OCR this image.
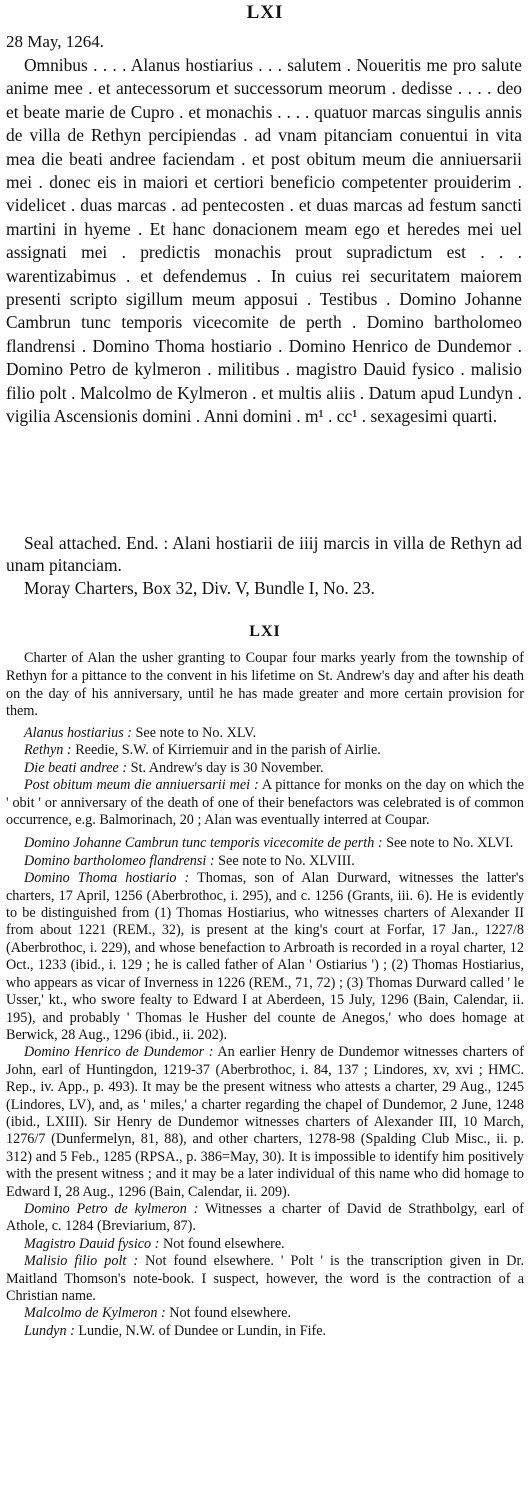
LXI
28 May, 1264.

Omnibus . . . . Alanus hostiarius . . . salutem . Noueritis me pro salute anime mee . et antecessorum et successorum meorum . dedisse . . . . deo et beate marie de Cupro . et monachis . . . . quatuor marcas singulis annis de villa de Rethyn percipiendas . ad vnam pitanciam conuentui in vita mea die beati andree faciendam . et post obitum meum die anniuersarii mei . donec eis in maiori et certiori beneficio competenter prouiderim . videlicet . duas marcas . ad pentecosten . et duas marcas ad festum sancti martini in hyeme . Et hanc donacionem meam ego et heredes mei uel assignati mei . predictis monachis prout supradictum est . . . warentizabimus . et defendemus . In cuius rei securitatem maiorem presenti scripto sigillum meum apposui . Testibus . Domino Johanne Cambrun tunc temporis vicecomite de perth . Domino bartholomeo flandrensi . Domino Thoma hostiario . Domino Henrico de Dundemor . Domino Petro de kylmeron . militibus . magistro Dauid fysico . malisio filio polt . Malcolmo de Kylmeron . et multis aliis . Datum apud Lundyn . vigilia Ascensionis domini . Anni domini . m¹ . cc¹ . sexagesimi quarti.

Seal attached. End. : Alani hostiarii de iiij marcis in villa de Rethyn ad unam pitanciam.

Moray Charters, Box 32, Div. V, Bundle I, No. 23.
LXI

Charter of Alan the usher granting to Coupar four marks yearly from the township of Rethyn for a pittance to the convent in his lifetime on St. Andrew's day and after his death on the day of his anniversary, until he has made greater and more certain provision for them.

Alanus hostiarius : See note to No. XLV.
Rethyn : Reedie, S.W. of Kirriemuir and in the parish of Airlie.
Die beati andree : St. Andrew's day is 30 November.
Post obitum meum die anniuersarii mei : A pittance for monks on the day on which the ' obit ' or anniversary of the death of one of their benefactors was celebrated is of common occurrence, e.g. Balmorinach, 20 ; Alan was eventually interred at Coupar.
Domino Johanne Cambrun tunc temporis vicecomite de perth : See note to No. XLVI.
Domino bartholomeo flandrensi : See note to No. XLVIII.
Domino Thoma hostiario : Thomas, son of Alan Durward, witnesses the latter's charters, 17 April, 1256 (Aberbrothoc, i. 295), and c. 1256 (Grants, iii. 6). He is evidently to be distinguished from (1) Thomas Hostiarius, who witnesses charters of Alexander II from about 1221 (REM., 32), is present at the king's court at Forfar, 17 Jan., 1227/8 (Aberbrothoc, i. 229), and whose benefaction to Arbroath is recorded in a royal charter, 12 Oct., 1233 (ibid., i. 129 ; he is called father of Alan ' Ostiarius ') ; (2) Thomas Hostiarius, who appears as vicar of Inverness in 1226 (REM., 71, 72) ; (3) Thomas Durward called ' le Usser,' kt., who swore fealty to Edward I at Aberdeen, 15 July, 1296 (Bain, Calendar, ii. 195), and probably ' Thomas le Husher del counte de Anegos,' who does homage at Berwick, 28 Aug., 1296 (ibid., ii. 202).
Domino Henrico de Dundemor : An earlier Henry de Dundemor witnesses charters of John, earl of Huntingdon, 1219-37 (Aberbrothoc, i. 84, 137 ; Lindores, xv, xvi ; HMC. Rep., iv. App., p. 493). It may be the present witness who attests a charter, 29 Aug., 1245 (Lindores, LV), and, as ' miles,' a charter regarding the chapel of Dundemor, 2 June, 1248 (ibid., LXIII). Sir Henry de Dundemor witnesses charters of Alexander III, 10 March, 1276/7 (Dunfermelyn, 81, 88), and other charters, 1278-98 (Spalding Club Misc., ii. p. 312) and 5 Feb., 1285 (RPSA., p. 386=May, 30). It is impossible to identify him positively with the present witness ; and it may be a later individual of this name who did homage to Edward I, 28 Aug., 1296 (Bain, Calendar, ii. 209).
Domino Petro de kylmeron : Witnesses a charter of David de Strathbolgy, earl of Athole, c. 1284 (Breviarium, 87).
Magistro Dauid fysico : Not found elsewhere.
Malisio filio polt : Not found elsewhere. ' Polt ' is the transcription given in Dr. Maitland Thomson's note-book. I suspect, however, the word is the contraction of a Christian name.
Malcolmo de Kylmeron : Not found elsewhere.
Lundyn : Lundie, N.W. of Dundee or Lundin, in Fife.
